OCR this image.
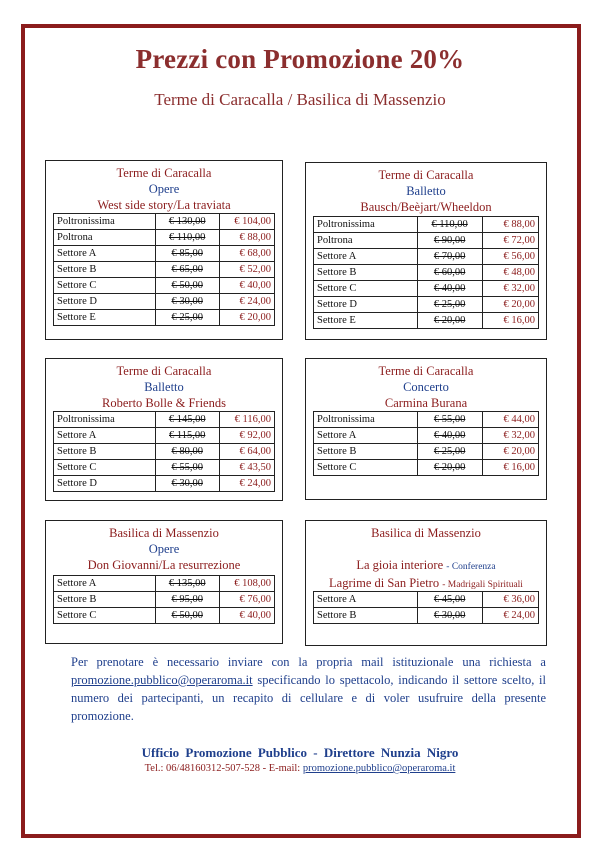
Prezzi con Promozione 20%
Terme di Caracalla / Basilica di Massenzio
Terme di Caracalla
Opere
West side story/La traviata
Poltronissima	€ 130,00	€ 104,00
Poltrona	€ 110,00	€ 88,00
Settore A	€ 85,00	€ 68,00
Settore B	€ 65,00	€ 52,00
Settore C	€ 50,00	€ 40,00
Settore D	€ 30,00	€ 24,00
Settore E	€ 25,00	€ 20,00
Terme di Caracalla
Balletto
Bausch/Beèjart/Wheeldon
Poltronissima	€ 110,00	€ 88,00
Poltrona	€ 90,00	€ 72,00
Settore A	€ 70,00	€ 56,00
Settore B	€ 60,00	€ 48,00
Settore C	€ 40,00	€ 32,00
Settore D	€ 25,00	€ 20,00
Settore E	€ 20,00	€ 16,00
Terme di Caracalla
Balletto
Roberto Bolle & Friends
Poltronissima	€ 145,00	€ 116,00
Settore A	€ 115,00	€ 92,00
Settore B	€ 80,00	€ 64,00
Settore C	€ 55,00	€ 43,50
Settore D	€ 30,00	€ 24,00
Terme di Caracalla
Concerto
Carmina Burana
Poltronissima	€ 55,00	€ 44,00
Settore A	€ 40,00	€ 32,00
Settore B	€ 25,00	€ 20,00
Settore C	€ 20,00	€ 16,00
Basilica di Massenzio
Opere
Don Giovanni/La resurrezione
Settore A	€ 135,00	€ 108,00
Settore B	€ 95,00	€ 76,00
Settore C	€ 50,00	€ 40,00
Basilica di Massenzio
La gioia interiore - Conferenza
Lagrime di San Pietro - Madrigali Spirituali
Settore A	€ 45,00	€ 36,00
Settore B	€ 30,00	€ 24,00
Per prenotare è necessario inviare con la propria mail istituzionale una richiesta a promozione.pubblico@operaroma.it specificando lo spettacolo, indicando il settore scelto, il numero dei partecipanti, un recapito di cellulare e di voler usufruire della presente promozione.
Ufficio Promozione Pubblico - Direttore Nunzia Nigro
Tel.: 06/48160312-507-528 - E-mail: promozione.pubblico@operaroma.it
